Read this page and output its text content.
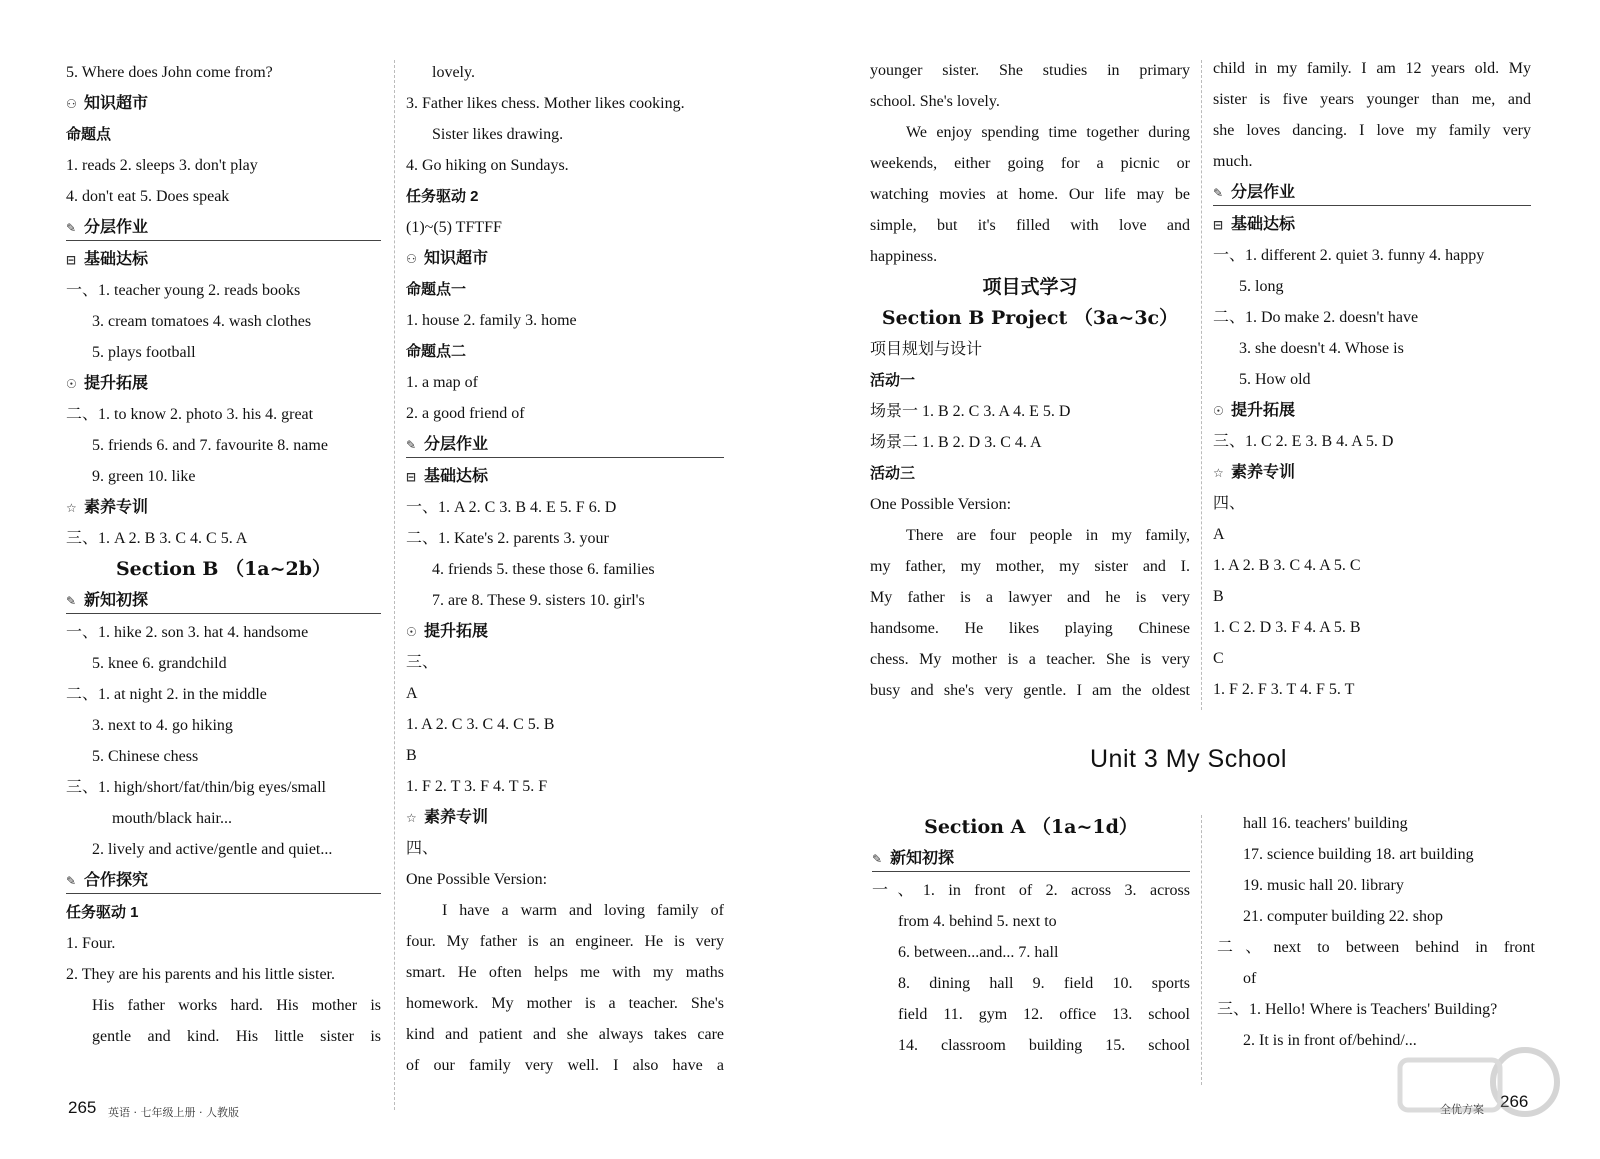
5. Where does John come from?
⚇ 知识超市
命题点
1. reads 2. sleeps 3. don't play
4. don't eat 5. Does speak
✎ 分层作业
⊟ 基础达标
一、1. teacher young 2. reads books
3. cream tomatoes 4. wash clothes
5. plays football
☉ 提升拓展
二、1. to know 2. photo 3. his 4. great
5. friends 6. and 7. favourite 8. name
9. green 10. like
☆ 素养专训
三、1. A 2. B 3. C 4. C 5. A
Section B （1a~2b）
✎ 新知初探
一、1. hike 2. son 3. hat 4. handsome
5. knee 6. grandchild
二、1. at night 2. in the middle
3. next to 4. go hiking
5. Chinese chess
三、1. high/short/fat/thin/big eyes/small
mouth/black hair...
2. lively and active/gentle and quiet...
✎ 合作探究
任务驱动 1
1. Four.
2. They are his parents and his little sister.
His father works hard. His mother is
gentle and kind. His little sister is
lovely.
3. Father likes chess. Mother likes cooking.
Sister likes drawing.
4. Go hiking on Sundays.
任务驱动 2
(1)~(5) TFTFF
⚇ 知识超市
命题点一
1. house 2. family 3. home
命题点二
1. a map of
2. a good friend of
✎ 分层作业
⊟ 基础达标
一、1. A 2. C 3. B 4. E 5. F 6. D
二、1. Kate's 2. parents 3. your
4. friends 5. these those 6. families
7. are 8. These 9. sisters 10. girl's
☉ 提升拓展
三、
A
1. A 2. C 3. C 4. C 5. B
B
1. F 2. T 3. F 4. T 5. F
☆ 素养专训
四、
One Possible Version:
I have a warm and loving family of
four. My father is an engineer. He is very
smart. He often helps me with my maths
homework. My mother is a teacher. She's
kind and patient and she always takes care
of our family very well. I also have a
younger sister. She studies in primary
school. She's lovely.
We enjoy spending time together during
weekends, either going for a picnic or
watching movies at home. Our life may be
simple, but it's filled with love and
happiness.
项目式学习
Section B Project （3a~3c）
项目规划与设计
活动一
场景一 1. B 2. C 3. A 4. E 5. D
场景二 1. B 2. D 3. C 4. A
活动三
One Possible Version:
There are four people in my family,
my father, my mother, my sister and I.
My father is a lawyer and he is very
handsome. He likes playing Chinese
chess. My mother is a teacher. She is very
busy and she's very gentle. I am the oldest
child in my family. I am 12 years old. My
sister is five years younger than me, and
she loves dancing. I love my family very
much.
✎ 分层作业
⊟ 基础达标
一、1. different 2. quiet 3. funny 4. happy
5. long
二、1. Do make 2. doesn't have
3. she doesn't 4. Whose is
5. How old
☉ 提升拓展
三、1. C 2. E 3. B 4. A 5. D
☆ 素养专训
四、
A
1. A 2. B 3. C 4. A 5. C
B
1. C 2. D 3. F 4. A 5. B
C
1. F 2. F 3. T 4. F 5. T
Unit 3 My School
Section A （1a~1d）
✎ 新知初探
一、1. in front of 2. across 3. across
from 4. behind 5. next to
6. between...and... 7. hall
8. dining hall 9. field 10. sports
field 11. gym 12. office 13. school
14. classroom building 15. school
hall 16. teachers' building
17. science building 18. art building
19. music hall 20. library
21. computer building 22. shop
二、next to between behind in front
of
三、1. Hello! Where is Teachers' Building?
2. It is in front of/behind/...
265 英语 · 七年级上册 · 人教版	全优方案 266
